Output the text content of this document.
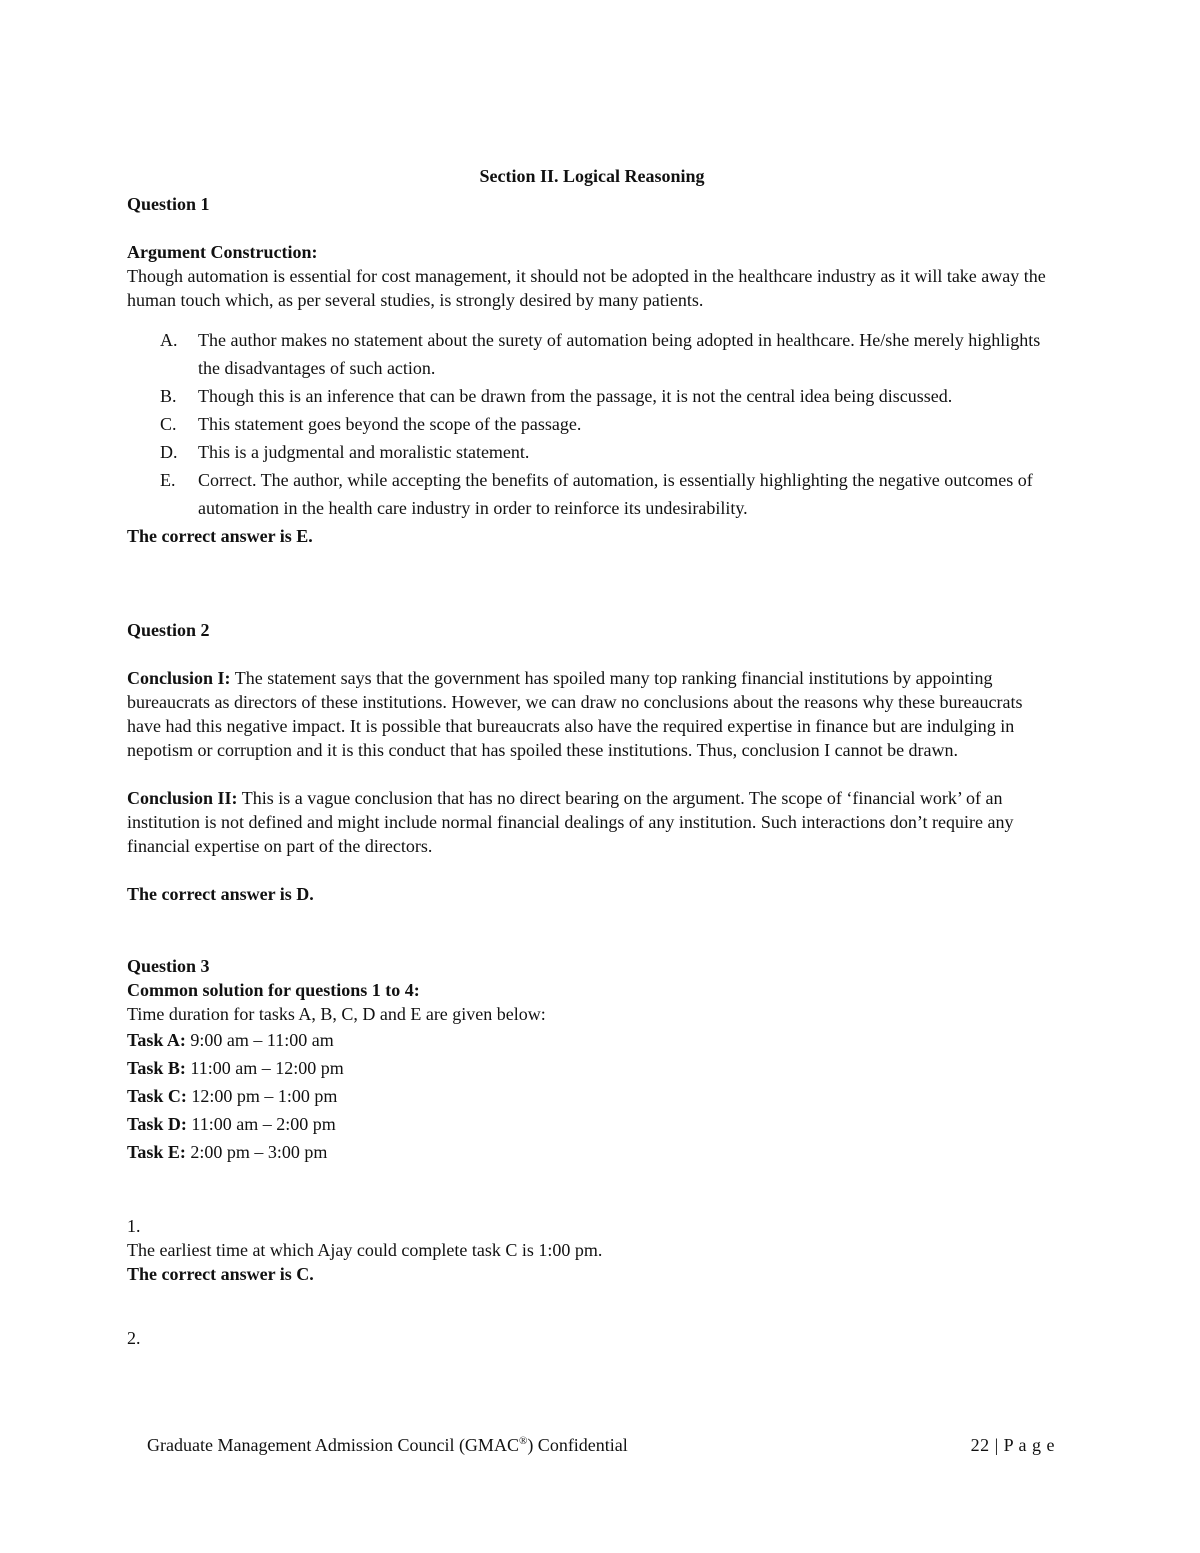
Section II. Logical Reasoning
Question 1
Argument Construction:
Though automation is essential for cost management, it should not be adopted in the healthcare industry as it will take away the human touch which, as per several studies, is strongly desired by many patients.
A. The author makes no statement about the surety of automation being adopted in healthcare. He/she merely highlights the disadvantages of such action.
B. Though this is an inference that can be drawn from the passage, it is not the central idea being discussed.
C. This statement goes beyond the scope of the passage.
D. This is a judgmental and moralistic statement.
E. Correct. The author, while accepting the benefits of automation, is essentially highlighting the negative outcomes of automation in the health care industry in order to reinforce its undesirability.
The correct answer is E.
Question 2
Conclusion I: The statement says that the government has spoiled many top ranking financial institutions by appointing bureaucrats as directors of these institutions. However, we can draw no conclusions about the reasons why these bureaucrats have had this negative impact. It is possible that bureaucrats also have the required expertise in finance but are indulging in nepotism or corruption and it is this conduct that has spoiled these institutions. Thus, conclusion I cannot be drawn.
Conclusion II: This is a vague conclusion that has no direct bearing on the argument. The scope of ‘financial work’ of an institution is not defined and might include normal financial dealings of any institution. Such interactions don’t require any financial expertise on part of the directors.
The correct answer is D.
Question 3
Common solution for questions 1 to 4:
Time duration for tasks A, B, C, D and E are given below:
Task A: 9:00 am – 11:00 am
Task B: 11:00 am – 12:00 pm
Task C: 12:00 pm – 1:00 pm
Task D: 11:00 am – 2:00 pm
Task E: 2:00 pm – 3:00 pm
1.
The earliest time at which Ajay could complete task C is 1:00 pm.
The correct answer is C.
2.
Graduate Management Admission Council (GMAC®) Confidential	22 | P a g e
